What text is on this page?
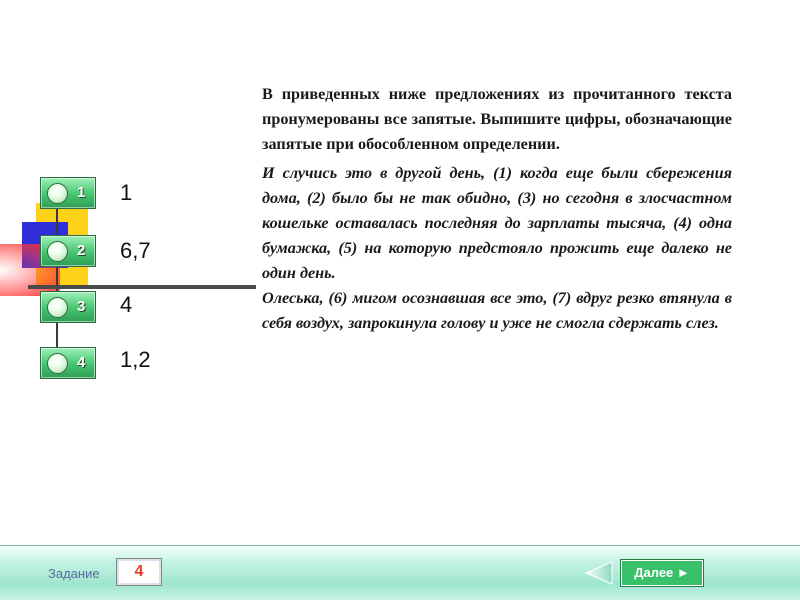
1 1
2 6,7
3 4
4 1,2

В приведенных ниже предложениях из прочитанного текста пронумерованы все запятые. Выпишите цифры, обозначающие запятые при обособленном определении.

И случись это в другой день, (1) когда еще были сбережения дома, (2) было бы не так обидно, (3) но сегодня в злосчастном кошельке оставалась последняя до зарплаты тысяча, (4) одна бумажка, (5) на которую предстояло прожить еще далеко не один день.

Олеська, (6) мигом осознавшая все это, (7) вдруг резко втянула в себя воздух, запрокинула голову и уже не смогла сдержать слез.

Задание	4	Далее ►
